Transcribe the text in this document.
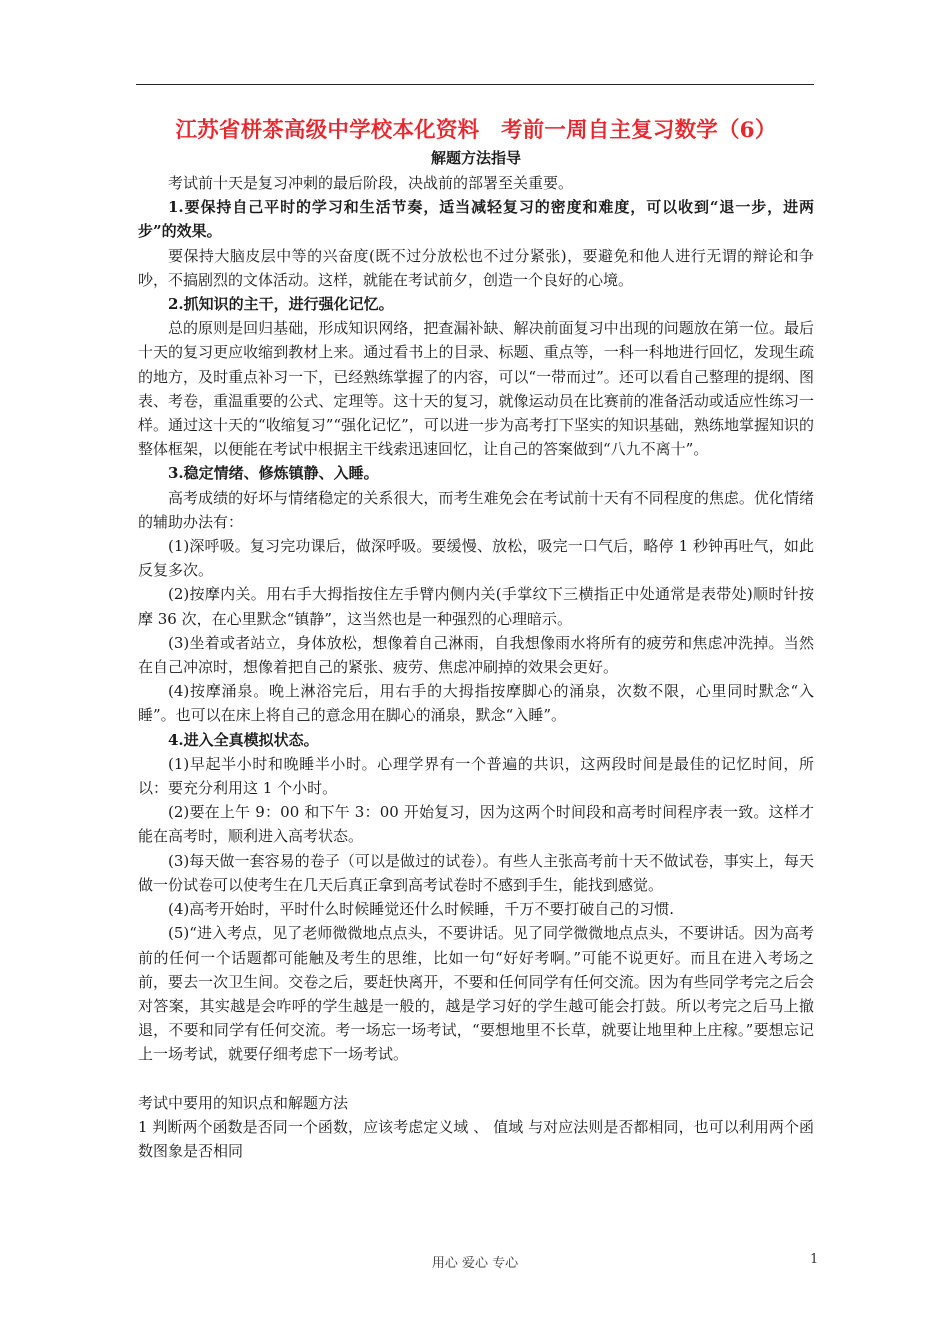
江苏省栟茶高级中学校本化资料　考前一周自主复习数学（6）

解题方法指导

考试前十天是复习冲刺的最后阶段，决战前的部署至关重要。

1.要保持自己平时的学习和生活节奏，适当减轻复习的密度和难度，可以收到“退一步，进两步”的效果。

要保持大脑皮层中等的兴奋度(既不过分放松也不过分紧张)，要避免和他人进行无谓的辩论和争吵，不搞剧烈的文体活动。这样，就能在考试前夕，创造一个良好的心境。

2.抓知识的主干，进行强化记忆。

总的原则是回归基础，形成知识网络，把查漏补缺、解决前面复习中出现的问题放在第一位。最后十天的复习更应收缩到教材上来。通过看书上的目录、标题、重点等，一科一科地进行回忆，发现生疏的地方，及时重点补习一下，已经熟练掌握了的内容，可以“一带而过”。还可以看自己整理的提纲、图表、考卷，重温重要的公式、定理等。这十天的复习，就像运动员在比赛前的准备活动或适应性练习一样。通过这十天的“收缩复习”“强化记忆”，可以进一步为高考打下坚实的知识基础，熟练地掌握知识的整体框架，以便能在考试中根据主干线索迅速回忆，让自己的答案做到“八九不离十”。

3.稳定情绪、修炼镇静、入睡。

高考成绩的好坏与情绪稳定的关系很大，而考生难免会在考试前十天有不同程度的焦虑。优化情绪的辅助办法有：

(1)深呼吸。复习完功课后，做深呼吸。要缓慢、放松，吸完一口气后，略停 1 秒钟再吐气，如此反复多次。

(2)按摩内关。用右手大拇指按住左手臂内侧内关(手掌纹下三横指正中处通常是表带处)顺时针按摩 36 次，在心里默念“镇静”，这当然也是一种强烈的心理暗示。

(3)坐着或者站立，身体放松，想像着自己淋雨，自我想像雨水将所有的疲劳和焦虑冲洗掉。当然在自己冲凉时，想像着把自己的紧张、疲劳、焦虑冲刷掉的效果会更好。

(4)按摩涌泉。晚上淋浴完后，用右手的大拇指按摩脚心的涌泉，次数不限，心里同时默念“入睡”。也可以在床上将自己的意念用在脚心的涌泉，默念“入睡”。

4.进入全真模拟状态。

(1)早起半小时和晚睡半小时。心理学界有一个普遍的共识，这两段时间是最佳的记忆时间，所以：要充分利用这 1 个小时。

(2)要在上午 9：00 和下午 3：00 开始复习，因为这两个时间段和高考时间程序表一致。这样才能在高考时，顺利进入高考状态。

(3)每天做一套容易的卷子（可以是做过的试卷）。有些人主张高考前十天不做试卷，事实上，每天做一份试卷可以使考生在几天后真正拿到高考试卷时不感到手生，能找到感觉。

(4)高考开始时，平时什么时候睡觉还什么时候睡，千万不要打破自己的习惯.

(5)“进入考点，见了老师微微地点点头，不要讲话。见了同学微微地点点头，不要讲话。因为高考前的任何一个话题都可能触及考生的思维，比如一句“好好考啊。”可能不说更好。而且在进入考场之前，要去一次卫生间。交卷之后，要赶快离开，不要和任何同学有任何交流。因为有些同学考完之后会对答案，其实越是会咋呼的学生越是一般的，越是学习好的学生越可能会打鼓。所以考完之后马上撤退，不要和同学有任何交流。考一场忘一场考试，“要想地里不长草，就要让地里种上庄稼。”要想忘记上一场考试，就要仔细考虑下一场考试。

考试中要用的知识点和解题方法

1 判断两个函数是否同一个函数，应该考虑定义域 、 值域 与对应法则是否都相同，也可以利用两个函数图象是否相同

用心 爱心 专心	1
